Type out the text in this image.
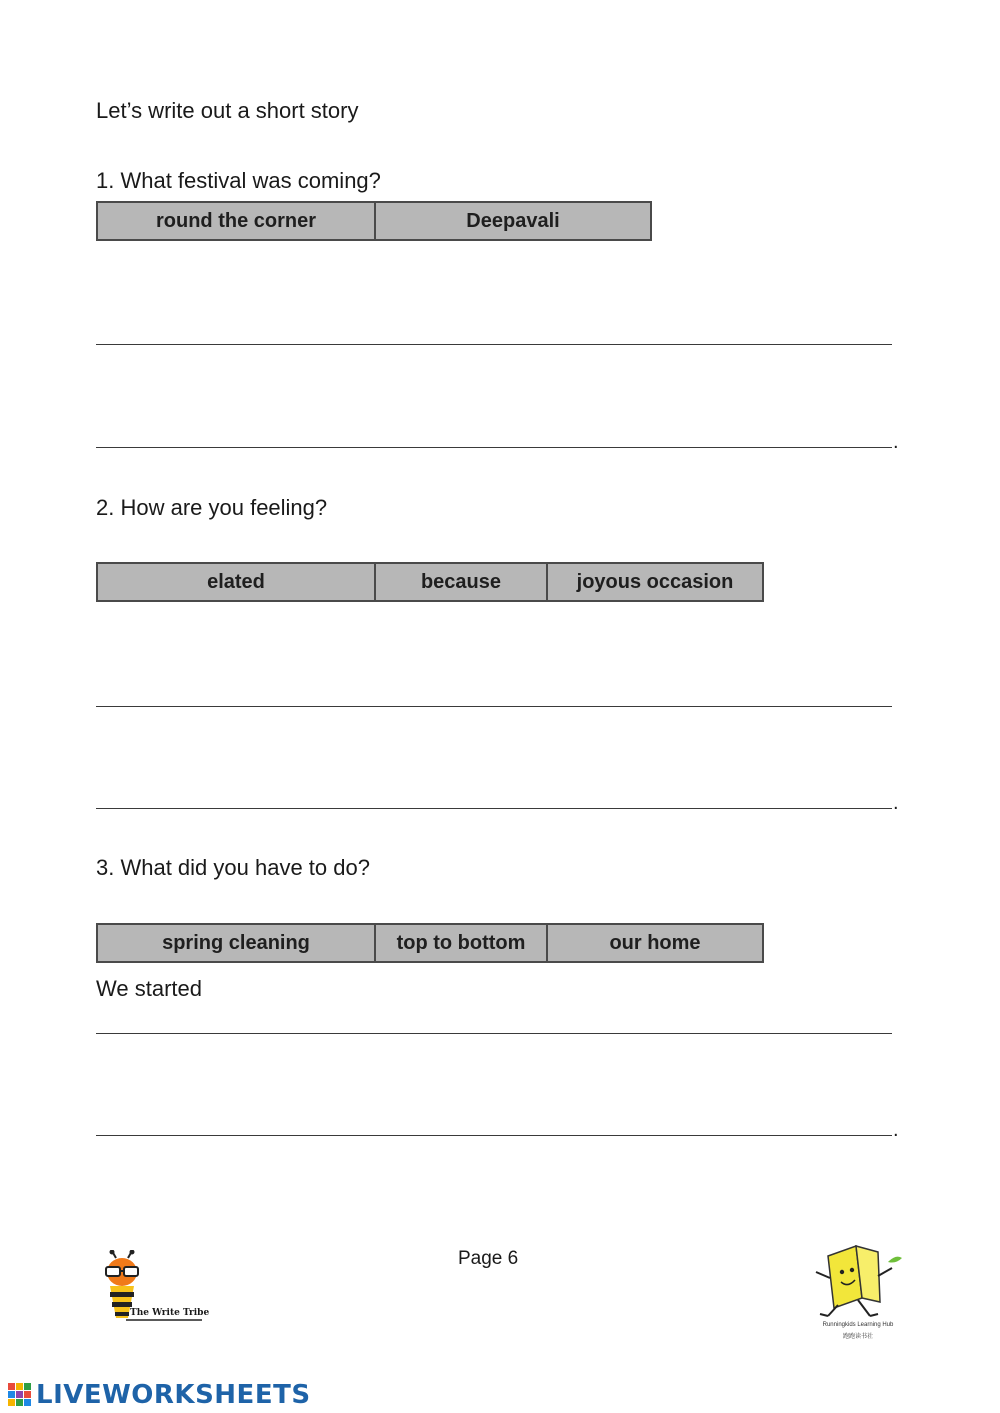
Let’s write out a short story
1. What festival was coming?
round the corner	Deepavali
.
2. How are you feeling?
elated	because	joyous occasion
.
3. What did you have to do?
spring cleaning	top to bottom	our home
We started
.
Page 6
The Write Tribe
Runningkids Learning Hub
跑跑读书社
LIVEWORKSHEETS
